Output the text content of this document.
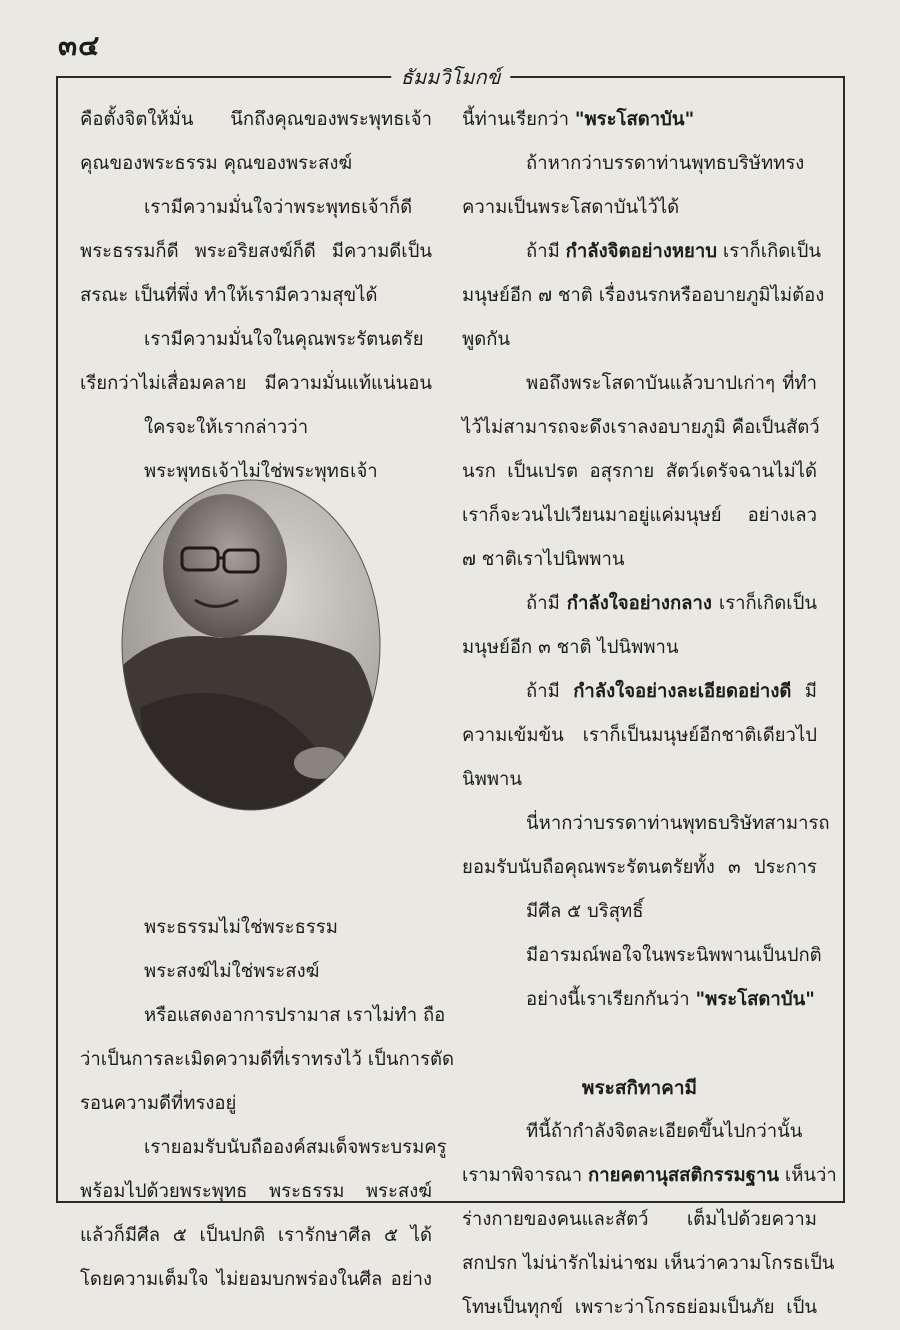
๓๔
ธัมมวิโมกข์
คือตั้งจิตให้มั่น นึกถึงคุณของพระพุทธเจ้า
คุณของพระธรรม คุณของพระสงฆ์
เรามีความมั่นใจว่าพระพุทธเจ้าก็ดี
พระธรรมก็ดี พระอริยสงฆ์ก็ดี มีความดีเป็น
สรณะ เป็นที่พึ่ง ทำให้เรามีความสุขได้
เรามีความมั่นใจในคุณพระรัตนตรัย
เรียกว่าไม่เสื่อมคลาย มีความมั่นแท้แน่นอน
ใครจะให้เรากล่าวว่า
พระพุทธเจ้าไม่ใช่พระพุทธเจ้า
พระธรรมไม่ใช่พระธรรม
พระสงฆ์ไม่ใช่พระสงฆ์
หรือแสดงอาการปรามาส เราไม่ทำ ถือ
ว่าเป็นการละเมิดความดีที่เราทรงไว้ เป็นการตัด
รอนความดีที่ทรงอยู่
เรายอมรับนับถือองค์สมเด็จพระบรมครู
พร้อมไปด้วยพระพุทธ พระธรรม พระสงฆ์
แล้วก็มีศีล ๕ เป็นปกติ เรารักษาศีล ๕ ได้
โดยความเต็มใจ ไม่ยอมบกพร่องในศีล อย่าง
นี้ท่านเรียกว่า "พระโสดาบัน"
ถ้าหากว่าบรรดาท่านพุทธบริษัททรง
ความเป็นพระโสดาบันไว้ได้
ถ้ามี กำลังจิตอย่างหยาบ เราก็เกิดเป็น
มนุษย์อีก ๗ ชาติ เรื่องนรกหรืออบายภูมิไม่ต้อง
พูดกัน
พอถึงพระโสดาบันแล้วบาปเก่าๆ ที่ทำ
ไว้ไม่สามารถจะดึงเราลงอบายภูมิ คือเป็นสัตว์
นรก เป็นเปรต อสุรกาย สัตว์เดรัจฉานไม่ได้
เราก็จะวนไปเวียนมาอยู่แค่มนุษย์ อย่างเลว
๗ ชาติเราไปนิพพาน
ถ้ามี กำลังใจอย่างกลาง เราก็เกิดเป็น
มนุษย์อีก ๓ ชาติ ไปนิพพาน
ถ้ามี กำลังใจอย่างละเอียดอย่างดี มี
ความเข้มข้น เราก็เป็นมนุษย์อีกชาติเดียวไป
นิพพาน
นี่หากว่าบรรดาท่านพุทธบริษัทสามารถ
ยอมรับนับถือคุณพระรัตนตรัยทั้ง ๓ ประการ
มีศีล ๕ บริสุทธิ์
มีอารมณ์พอใจในพระนิพพานเป็นปกติ
อย่างนี้เราเรียกกันว่า "พระโสดาบัน"
พระสกิทาคามี
ทีนี้ถ้ากำลังจิตละเอียดขึ้นไปกว่านั้น
เรามาพิจารณา กายคตานุสสติกรรมฐาน เห็นว่า
ร่างกายของคนและสัตว์ เต็มไปด้วยความ
สกปรก ไม่น่ารักไม่น่าชม เห็นว่าความโกรธเป็น
โทษเป็นทุกข์ เพราะว่าโกรธย่อมเป็นภัย เป็น
